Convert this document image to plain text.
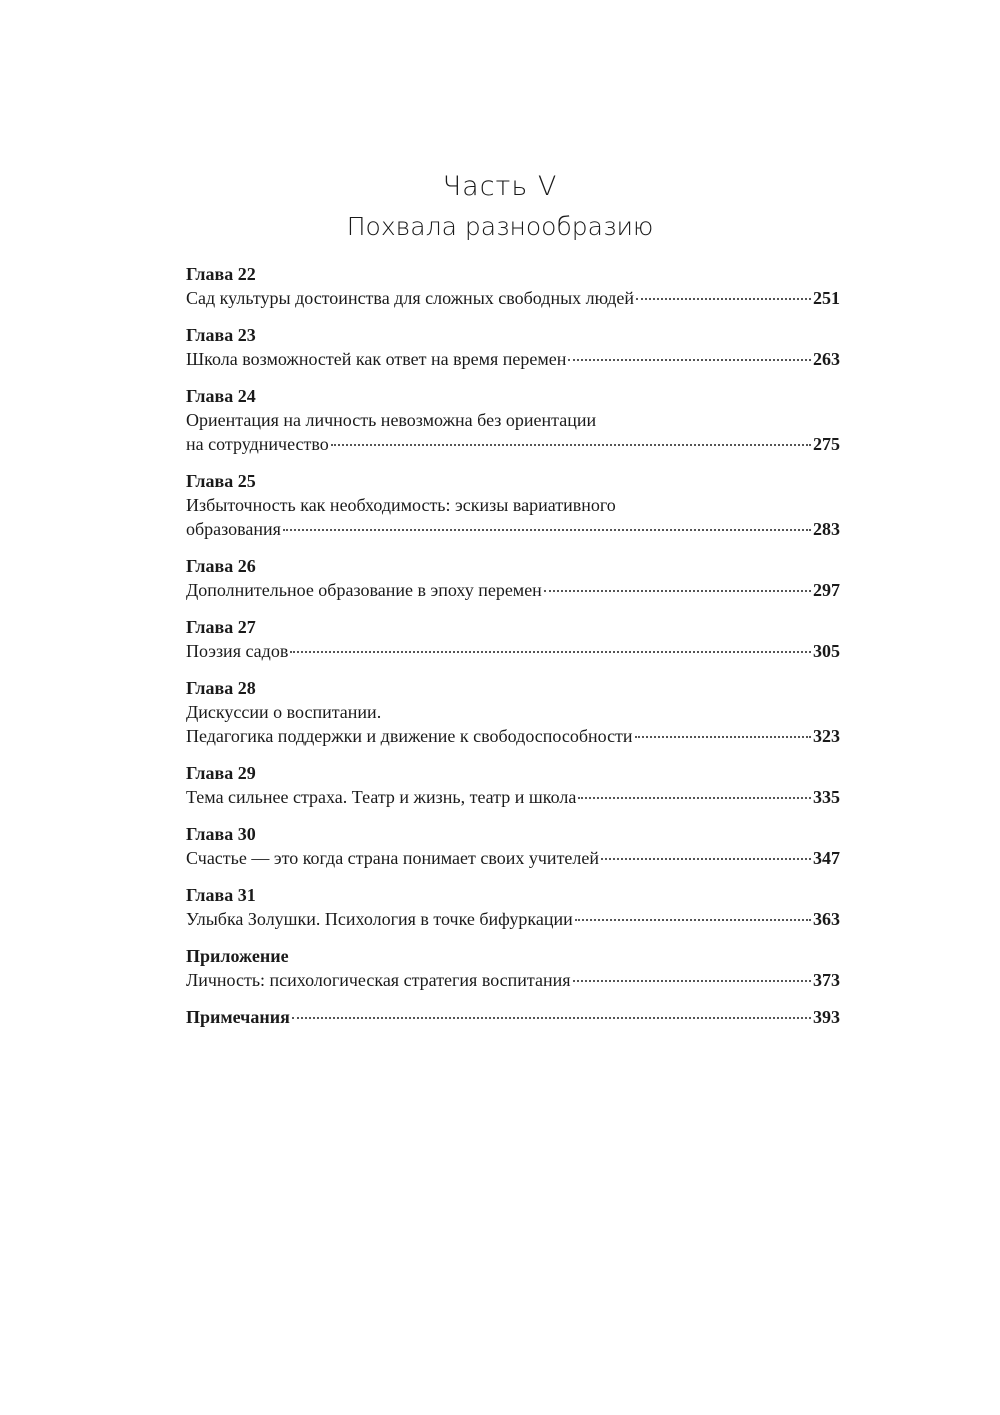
Часть V
Похвала разнообразию
Глава 22
Сад культуры достоинства для сложных свободных людей	251
Глава 23
Школа возможностей как ответ на время перемен	263
Глава 24
Ориентация на личность невозможна без ориентации
на сотрудничество	275
Глава 25
Избыточность как необходимость: эскизы вариативного
образования	283
Глава 26
Дополнительное образование в эпоху перемен	297
Глава 27
Поэзия садов	305
Глава 28
Дискуссии о воспитании.
Педагогика поддержки и движение к свободоспособности	323
Глава 29
Тема сильнее страха. Театр и жизнь, театр и школа	335
Глава 30
Счастье — это когда страна понимает своих учителей	347
Глава 31
Улыбка Золушки. Психология в точке бифуркации	363
Приложение
Личность: психологическая стратегия воспитания	373
Примечания	393
